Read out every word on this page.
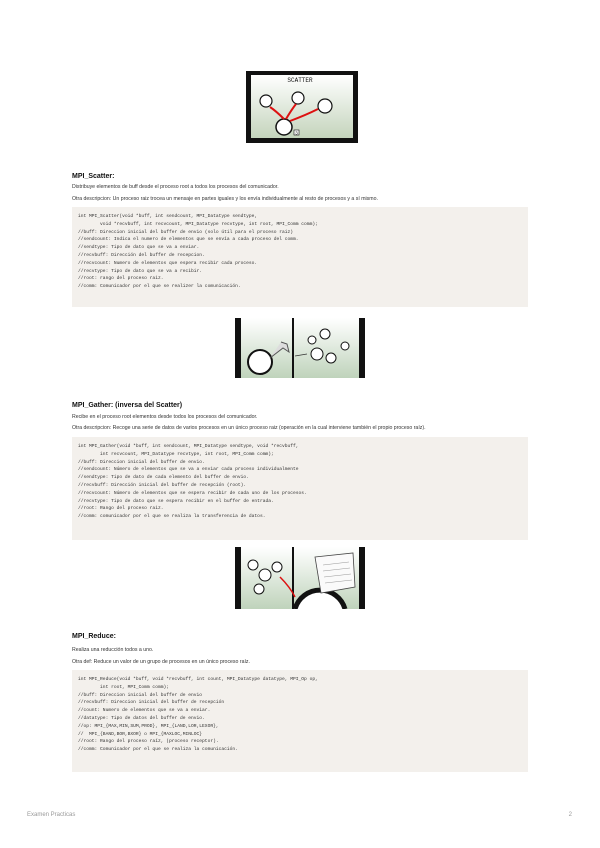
SCATTER
3
MPI_Scatter:

Distribuye elementos de buff desde el proceso root a todos los procesos del comunicador.

Otra descripcion: Un proceso raiz trocea un mensaje en partes iguales y los envía individualmente al resto de procesos y a sí mismo.

int MPI_Scatter(void *buff, int sendcount, MPI_Datatype sendtype,
void *recvbuff, int recvcount, MPI_Datatype recvtype, int root, MPI_Comm comm);
//buff: Direccion inicial del buffer de envio (solo útil para el proceso raiz)
//sendcount: Indica el numero de elementos que se envía a cada proceso del comm.
//sendtype: Tipo de dato que se va a enviar.
//recvbuff: Dirección del buffer de recepcion.
//recvcount: Numero de elementos que espera recibir cada proceso.
//recvtype: Tipo de dato que se va a recibir.
//root: rango del proceso raiz.
//comm: Comunicador por el que se realizer la comunicación.
MPI_Gather: (inversa del Scatter)

Recibe en el proceso root elementos desde todos los procesos del comunicador.

Otra descripcion: Recoge una serie de datos de varios procesos en un único proceso raiz (operación en la cual interviene también el propio proceso raíz).

int MPI_Gather(void *buff, int sendcount, MPI_Datatype sendtype, void *recvbuff,
int recvcount, MPI_Datatype recvtype, int root, MPI_Comm comm);
//buff: Direccion inicial del buffer de envio.
//sendcount: Número de elementos que se va a enviar cada proceso individualmente
//sendtype: Tipo de dato de cada elemento del buffer de envio.
//recvbuff: Dirección inicial del buffer de recepción (root).
//recvcount: Número de elementos que se espera recibir de cada uno de los procesos.
//recvtype: Tipo de dato que se espera recibir en el buffer de entrada.
//root: Rango del proceso raiz.
//comm: comunicador por el que se realiza la transferencia de datos.
MPI_Reduce:

Realiza una reducción todos a uno.

Otra def: Reduce un valor de un grupo de procesos en un único proceso raíz.

int MPI_Reduce(void *buff, void *recvbuff, int count, MPI_Datatype datatype, MPI_Op op,
int root, MPI_Comm comm);
//buff: Direccion inicial del buffer de envio
//recvbuff: Direccion inicial del buffer de recepción
//count: Numero de elementos que se va a enviar.
//datatype: Tipo de datos del buffer de envio.
//op: MPI_{MAX,MIN,SUM,PROD}, MPI_{LAND,LOR,LEXOR},
//  MPI_{BAND,BOR,BXOR} o MPI_{MAXLOC,MINLOC}
//root: Rango del proceso raíz, (proceso receptor).
//comm: Comunicador por el que se realiza la comunicación.
Examen Practicas	2
